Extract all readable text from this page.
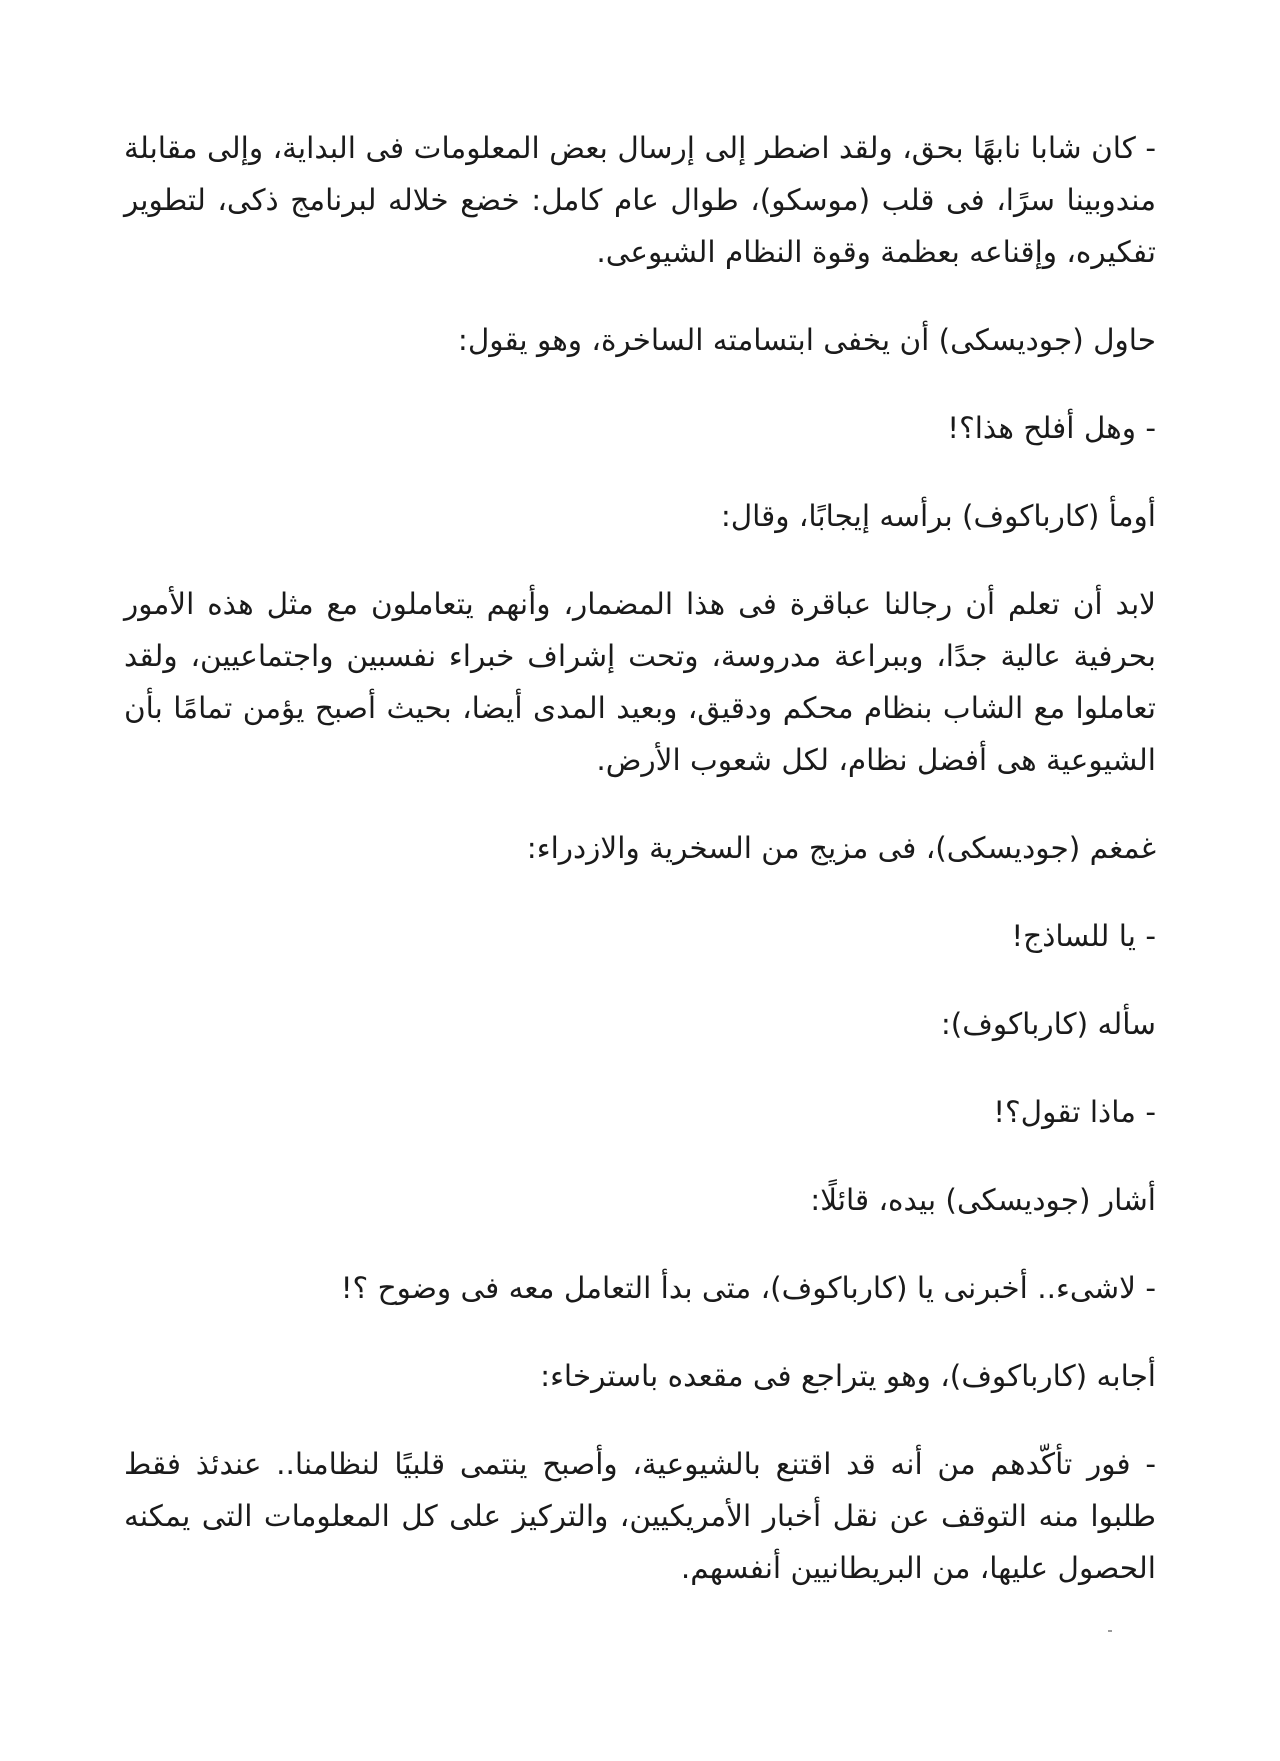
- كان شابا نابهًا بحق، ولقد اضطر إلى إرسال بعض المعلومات فى البداية، وإلى مقابلة مندوبينا سرًا، فى قلب (موسكو)، طوال عام كامل: خضع خلاله لبرنامج ذكى، لتطوير تفكيره، وإقناعه بعظمة وقوة النظام الشيوعى.

حاول (جوديسكى) أن يخفى ابتسامته الساخرة، وهو يقول:

- وهل أفلح هذا؟!

أومأ (كارباكوف) برأسه إيجابًا، وقال:

لابد أن تعلم أن رجالنا عباقرة فى هذا المضمار، وأنهم يتعاملون مع مثل هذه الأمور بحرفية عالية جدًا، وببراعة مدروسة، وتحت إشراف خبراء نفسبين واجتماعيين، ولقد تعاملوا مع الشاب بنظام محكم ودقيق، وبعيد المدى أيضا، بحيث أصبح يؤمن تمامًا بأن الشيوعية هى أفضل نظام، لكل شعوب الأرض.

غمغم (جوديسكى)، فى مزيج من السخرية والازدراء:

- يا للساذج!

سأله (كارباكوف):

- ماذا تقول؟!

أشار (جوديسكى) بيده، قائلًا:

- لاشىء.. أخبرنى يا (كارباكوف)، متى بدأ التعامل معه فى وضوح ؟!

أجابه (كارباكوف)، وهو يتراجع فى مقعده باسترخاء:

- فور تأكّدهم من أنه قد اقتنع بالشيوعية، وأصبح ينتمى قلبيًا لنظامنا.. عندئذ فقط طلبوا منه التوقف عن نقل أخبار الأمريكيين، والتركيز على كل المعلومات التى يمكنه الحصول عليها، من البريطانيين أنفسهم.
